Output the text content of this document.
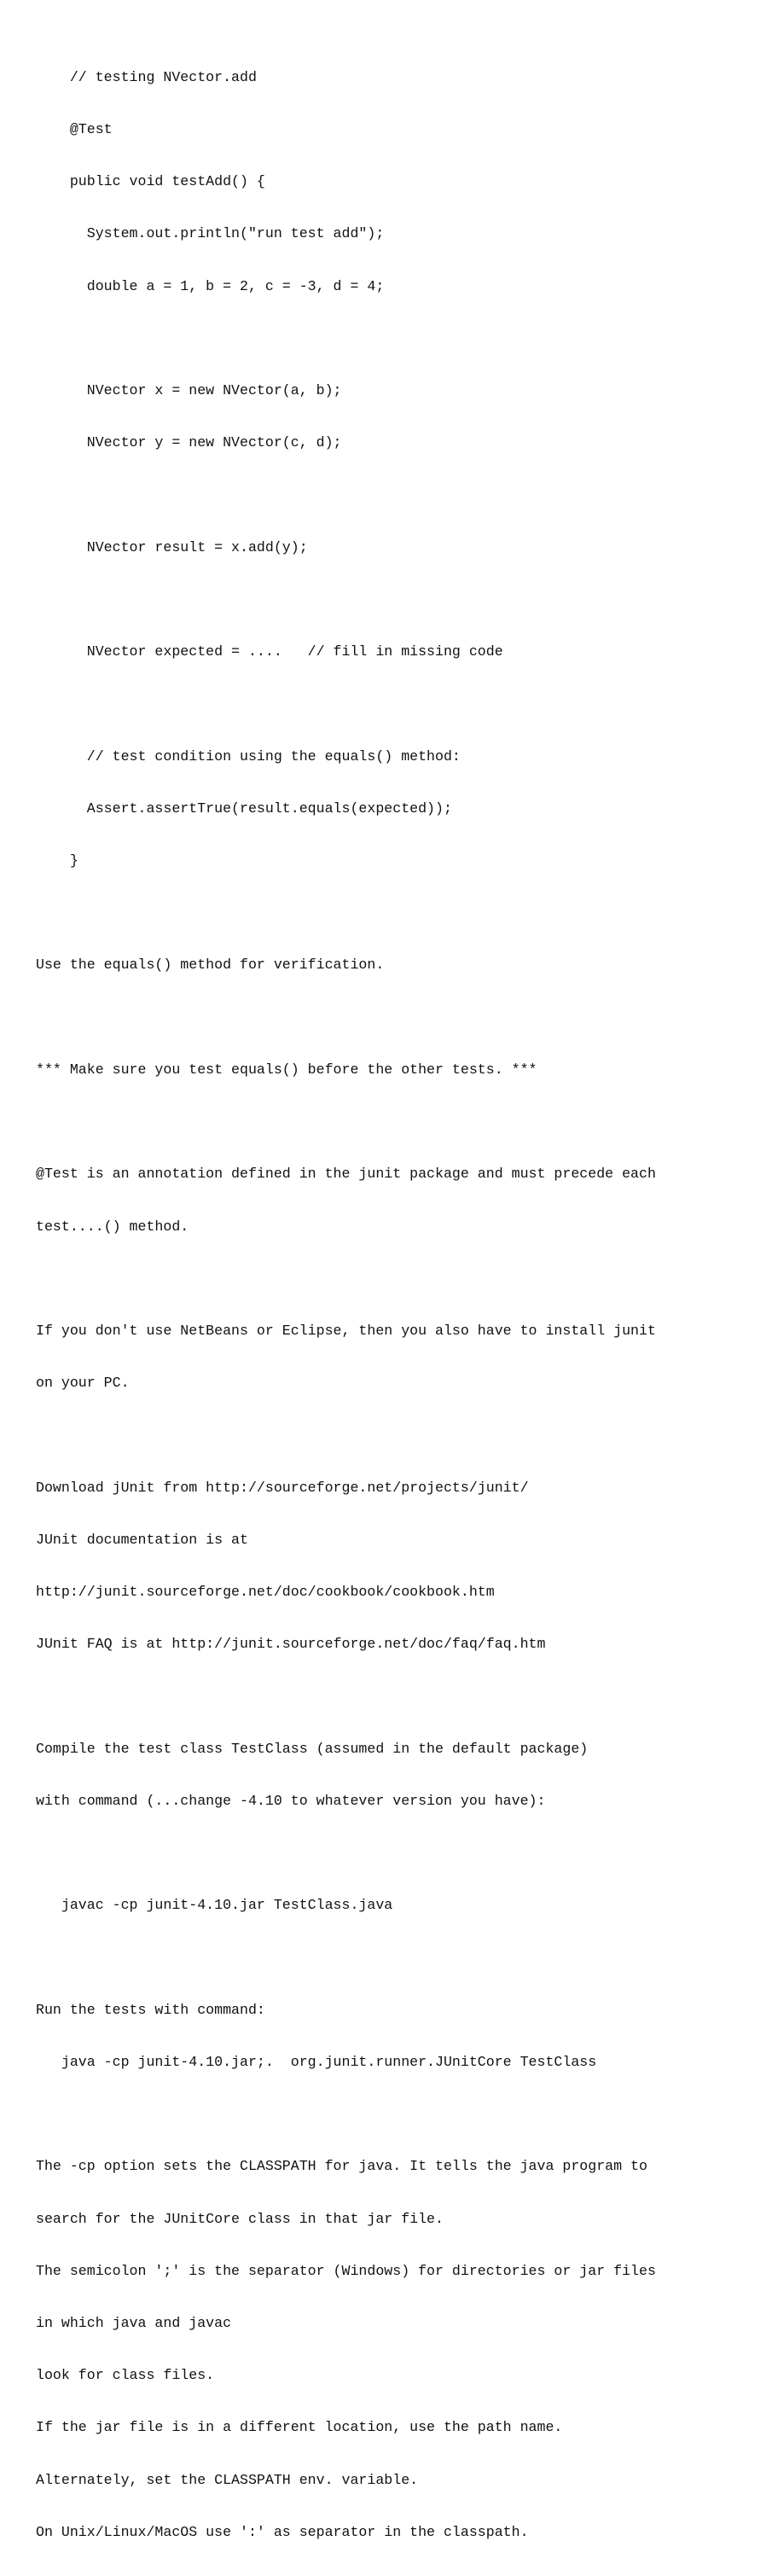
// testing NVector.add

@Test

public void testAdd() {

System.out.println("run test add");

double a = 1, b = 2, c = -3, d = 4;

NVector x = new NVector(a, b);

NVector y = new NVector(c, d);

NVector result = x.add(y);

NVector expected = ....   // fill in missing code

// test condition using the equals() method:

Assert.assertTrue(result.equals(expected));

}

Use the equals() method for verification.

*** Make sure you test equals() before the other tests. ***

@Test is an annotation defined in the junit package and must precede each

test....() method.

If you don't use NetBeans or Eclipse, then you also have to install junit

on your PC.

Download jUnit from http://sourceforge.net/projects/junit/

JUnit documentation is at

http://junit.sourceforge.net/doc/cookbook/cookbook.htm

JUnit FAQ is at http://junit.sourceforge.net/doc/faq/faq.htm

Compile the test class TestClass (assumed in the default package)

with command (...change -4.10 to whatever version you have):

javac -cp junit-4.10.jar TestClass.java

Run the tests with command:

java -cp junit-4.10.jar;.  org.junit.runner.JUnitCore TestClass

The -cp option sets the CLASSPATH for java. It tells the java program to

search for the JUnitCore class in that jar file.

The semicolon ';' is the separator (Windows) for directories or jar files

in which java and javac

look for class files.

If the jar file is in a different location, use the path name.

Alternately, set the CLASSPATH env. variable.

On Unix/Linux/MacOS use ':' as separator in the classpath.
